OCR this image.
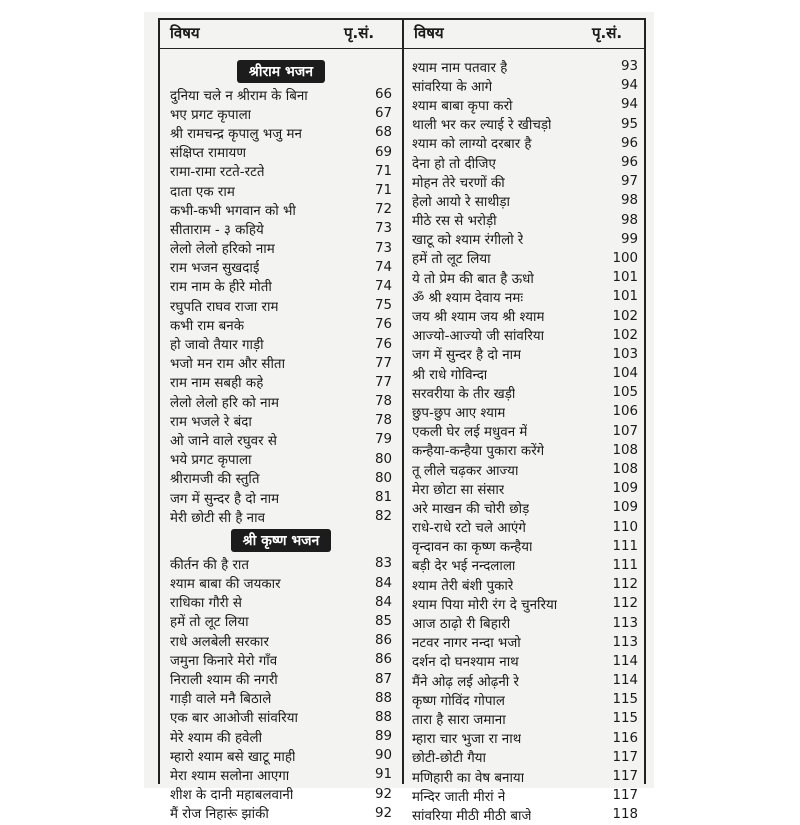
विषय	पृ.सं.	विषय	पृ.सं.
श्रीराम भजन
दुनिया चले न श्रीराम के बिना	66
भए प्रगट कृपाला	67
श्री रामचन्द्र कृपालु भजु मन	68
संक्षिप्त रामायण	69
रामा-रामा रटते-रटते	71
दाता एक राम	71
कभी-कभी भगवान को भी	72
सीताराम - ३ कहिये	73
लेलो लेलो हरिको नाम	73
राम भजन सुखदाई	74
राम नाम के हीरे मोती	74
रघुपति राघव राजा राम	75
कभी राम बनके	76
हो जावो तैयार गाड़ी	76
भजो मन राम और सीता	77
राम नाम सबही कहे	77
लेलो लेलो हरि को नाम	78
राम भजले रे बंदा	78
ओ जाने वाले रघुवर से	79
भये प्रगट कृपाला	80
श्रीरामजी की स्तुति	80
जग में सुन्दर है दो नाम	81
मेरी छोटी सी है नाव	82
श्री कृष्ण भजन
कीर्तन की है रात	83
श्याम बाबा की जयकार	84
राधिका गौरी से	84
हमें तो लूट लिया	85
राधे अलबेली सरकार	86
जमुना किनारे मेरो गाँव	86
निराली श्याम की नगरी	87
गाड़ी वाले मनै बिठाले	88
एक बार आओजी सांवरिया	88
मेरे श्याम की हवेली	89
म्हारो श्याम बसे खाटू माही	90
मेरा श्याम सलोना आएगा	91
शीश के दानी महाबलवानी	92
मैं रोज निहारूं झांकी	92
श्याम नाम पतवार है	93
सांवरिया के आगे	94
श्याम बाबा कृपा करो	94
थाली भर कर ल्याई रे खीचड़ो	95
श्याम को लाग्यो दरबार है	96
देना हो तो दीजिए	96
मोहन तेरे चरणों की	97
हेलो आयो रे साथीड़ा	98
मीठे रस से भरोड़ी	98
खाटू को श्याम रंगीलो रे	99
हमें तो लूट लिया	100
ये तो प्रेम की बात है ऊधो	101
ॐ श्री श्याम देवाय नमः	101
जय श्री श्याम जय श्री श्याम	102
आज्यो-आज्यो जी सांवरिया	102
जग में सुन्दर है दो नाम	103
श्री राधे गोविन्दा	104
सरवरीया के तीर खड़ी	105
छुप-छुप आए श्याम	106
एकली घेर लई मधुवन में	107
कन्हैया-कन्हैया पुकारा करेंगे	108
तू लीले चढ़कर आज्या	108
मेरा छोटा सा संसार	109
अरे माखन की चोरी छोड़	109
राधे-राधे रटो चले आएंगे	110
वृन्दावन का कृष्ण कन्हैया	111
बड़ी देर भई नन्दलाला	111
श्याम तेरी बंशी पुकारे	112
श्याम पिया मोरी रंग दे चुनरिया	112
आज ठाढ़ो री बिहारी	113
नटवर नागर नन्दा भजो	113
दर्शन दो घनश्याम नाथ	114
मैंने ओढ़ लई ओढ़नी रे	114
कृष्ण गोविंद गोपाल	115
तारा है सारा जमाना	115
म्हारा चार भुजा रा नाथ	116
छोटी-छोटी गैया	117
मणिहारी का वेष बनाया	117
मन्दिर जाती मीरां ने	117
सांवरिया मीठी मीठी बाजे	118
